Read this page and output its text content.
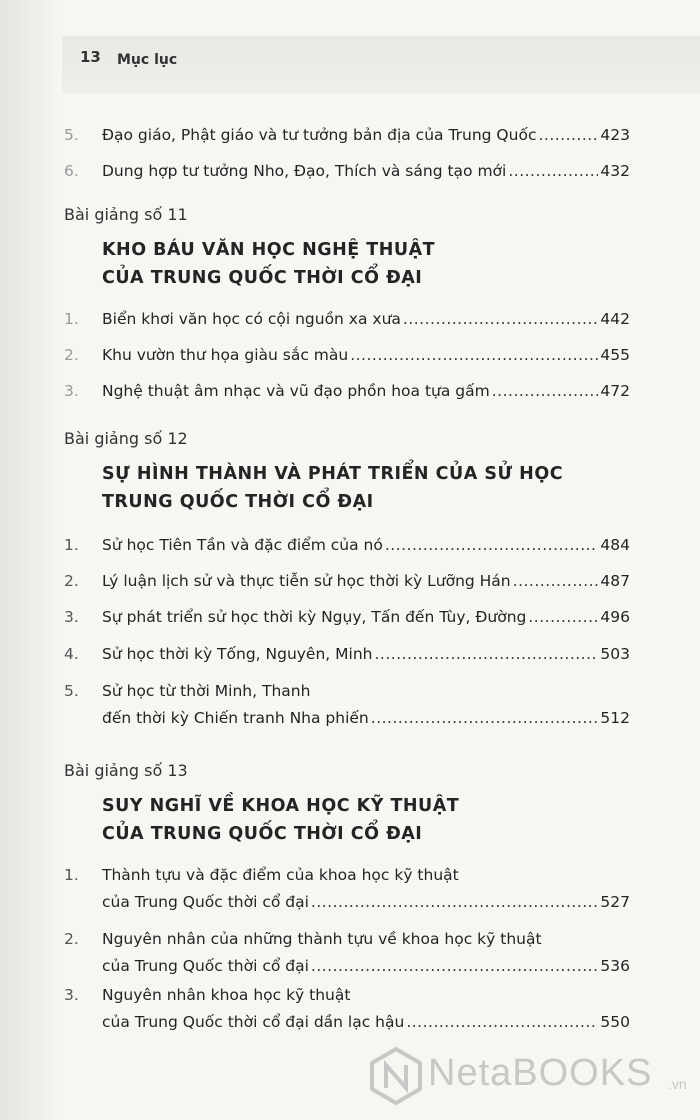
13 Mục lục
5.	Đạo giáo, Phật giáo và tư tưởng bản địa của Trung Quốc .....	423
6.	Dung hợp tư tưởng Nho, Đạo, Thích và sáng tạo mới .....	432
Bài giảng số 11
KHO BÁU VĂN HỌC NGHỆ THUẬT
CỦA TRUNG QUỐC THỜI CỔ ĐẠI
1.	Biển khơi văn học có cội nguồn xa xưa .....	442
2.	Khu vườn thư họa giàu sắc màu .....	455
3.	Nghệ thuật âm nhạc và vũ đạo phồn hoa tựa gấm .....	472
Bài giảng số 12
SỰ HÌNH THÀNH VÀ PHÁT TRIỂN CỦA SỬ HỌC
TRUNG QUỐC THỜI CỔ ĐẠI
1.	Sử học Tiên Tần và đặc điểm của nó .....	484
2.	Lý luận lịch sử và thực tiễn sử học thời kỳ Lưỡng Hán .....	487
3.	Sự phát triển sử học thời kỳ Ngụy, Tấn đến Tùy, Đường .....	496
4.	Sử học thời kỳ Tống, Nguyên, Minh .....	503
5.	Sử học từ thời Minh, Thanh
đến thời kỳ Chiến tranh Nha phiến .....	512
Bài giảng số 13
SUY NGHĨ VỀ KHOA HỌC KỸ THUẬT
CỦA TRUNG QUỐC THỜI CỔ ĐẠI
1.	Thành tựu và đặc điểm của khoa học kỹ thuật
của Trung Quốc thời cổ đại .....	527
2.	Nguyên nhân của những thành tựu về khoa học kỹ thuật
của Trung Quốc thời cổ đại .....	536
3.	Nguyên nhân khoa học kỹ thuật
của Trung Quốc thời cổ đại dần lạc hậu .....	550
NetaBOOKS .vn
